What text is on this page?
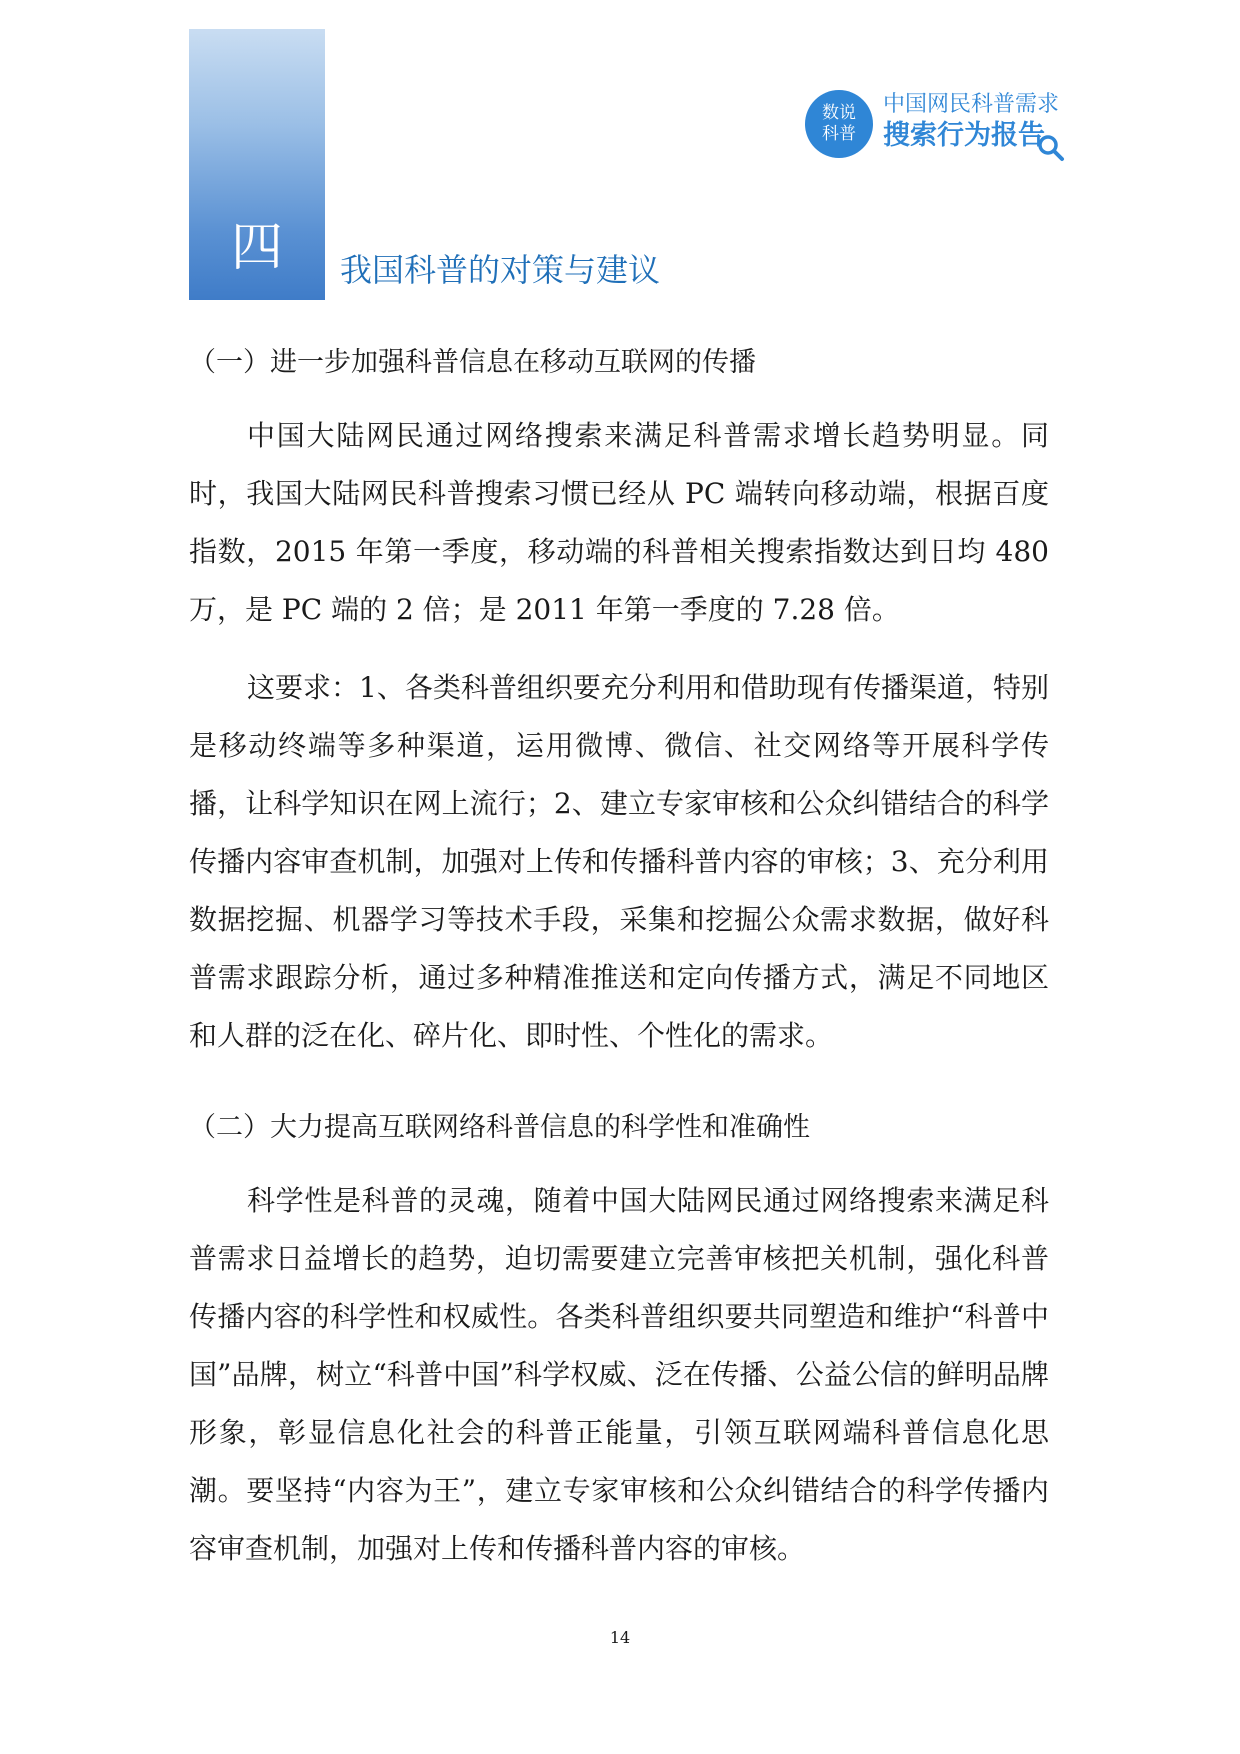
四	我国科普的对策与建议
数说
科普
中国网民科普需求
搜索行为报告
（一）进一步加强科普信息在移动互联网的传播

中国大陆网民通过网络搜索来满足科普需求增长趋势明显。同时，我国大陆网民科普搜索习惯已经从 PC 端转向移动端，根据百度指数，2015 年第一季度，移动端的科普相关搜索指数达到日均 480 万，是 PC 端的 2 倍；是 2011 年第一季度的 7.28 倍。

这要求：1、各类科普组织要充分利用和借助现有传播渠道，特别是移动终端等多种渠道，运用微博、微信、社交网络等开展科学传播，让科学知识在网上流行；2、建立专家审核和公众纠错结合的科学传播内容审查机制，加强对上传和传播科普内容的审核；3、充分利用数据挖掘、机器学习等技术手段，采集和挖掘公众需求数据，做好科普需求跟踪分析，通过多种精准推送和定向传播方式，满足不同地区和人群的泛在化、碎片化、即时性、个性化的需求。

（二）大力提高互联网络科普信息的科学性和准确性

科学性是科普的灵魂，随着中国大陆网民通过网络搜索来满足科普需求日益增长的趋势，迫切需要建立完善审核把关机制，强化科普传播内容的科学性和权威性。各类科普组织要共同塑造和维护“科普中国”品牌，树立“科普中国”科学权威、泛在传播、公益公信的鲜明品牌形象，彰显信息化社会的科普正能量，引领互联网端科普信息化思潮。要坚持“内容为王”，建立专家审核和公众纠错结合的科学传播内容审查机制，加强对上传和传播科普内容的审核。

14
